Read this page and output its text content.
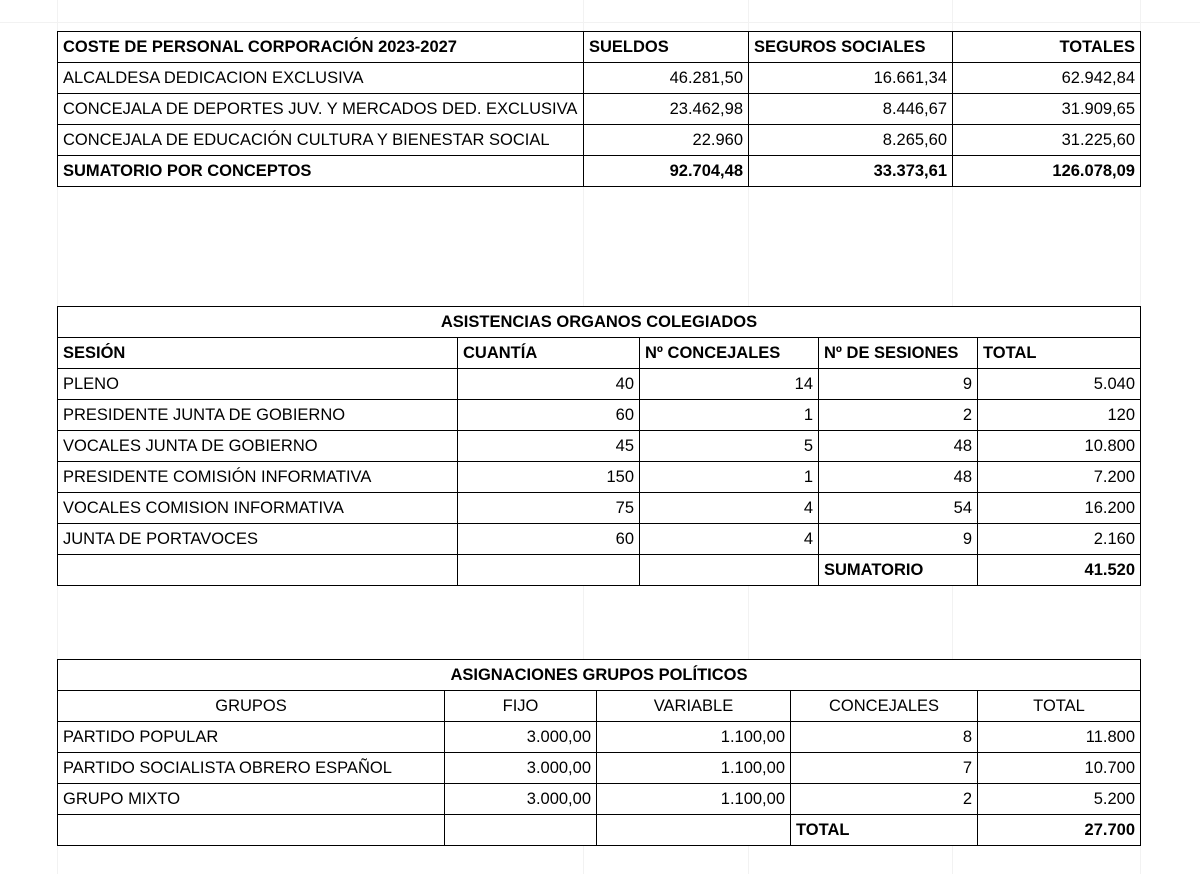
COSTE DE PERSONAL CORPORACIÓN 2023-2027	SUELDOS	SEGUROS SOCIALES	TOTALES
ALCALDESA DEDICACION EXCLUSIVA	46.281,50	16.661,34	62.942,84
CONCEJALA DE DEPORTES JUV. Y MERCADOS DED. EXCLUSIVA	23.462,98	8.446,67	31.909,65
CONCEJALA DE EDUCACIÓN CULTURA Y BIENESTAR SOCIAL	22.960	8.265,60	31.225,60
SUMATORIO POR CONCEPTOS	92.704,48	33.373,61	126.078,09
ASISTENCIAS ORGANOS COLEGIADOS				
SESIÓN	CUANTÍA	Nº CONCEJALES	Nº DE SESIONES	TOTAL
PLENO	40	14	9	5.040
PRESIDENTE JUNTA DE GOBIERNO	60	1	2	120
VOCALES JUNTA DE GOBIERNO	45	5	48	10.800
PRESIDENTE COMISIÓN INFORMATIVA	150	1	48	7.200
VOCALES COMISION INFORMATIVA	75	4	54	16.200
JUNTA DE PORTAVOCES	60	4	9	2.160
			SUMATORIO	41.520
ASIGNACIONES GRUPOS POLÍTICOS				
GRUPOS	FIJO	VARIABLE	CONCEJALES	TOTAL
PARTIDO POPULAR	3.000,00	1.100,00	8	11.800
PARTIDO SOCIALISTA OBRERO ESPAÑOL	3.000,00	1.100,00	7	10.700
GRUPO MIXTO	3.000,00	1.100,00	2	5.200
			TOTAL	27.700
